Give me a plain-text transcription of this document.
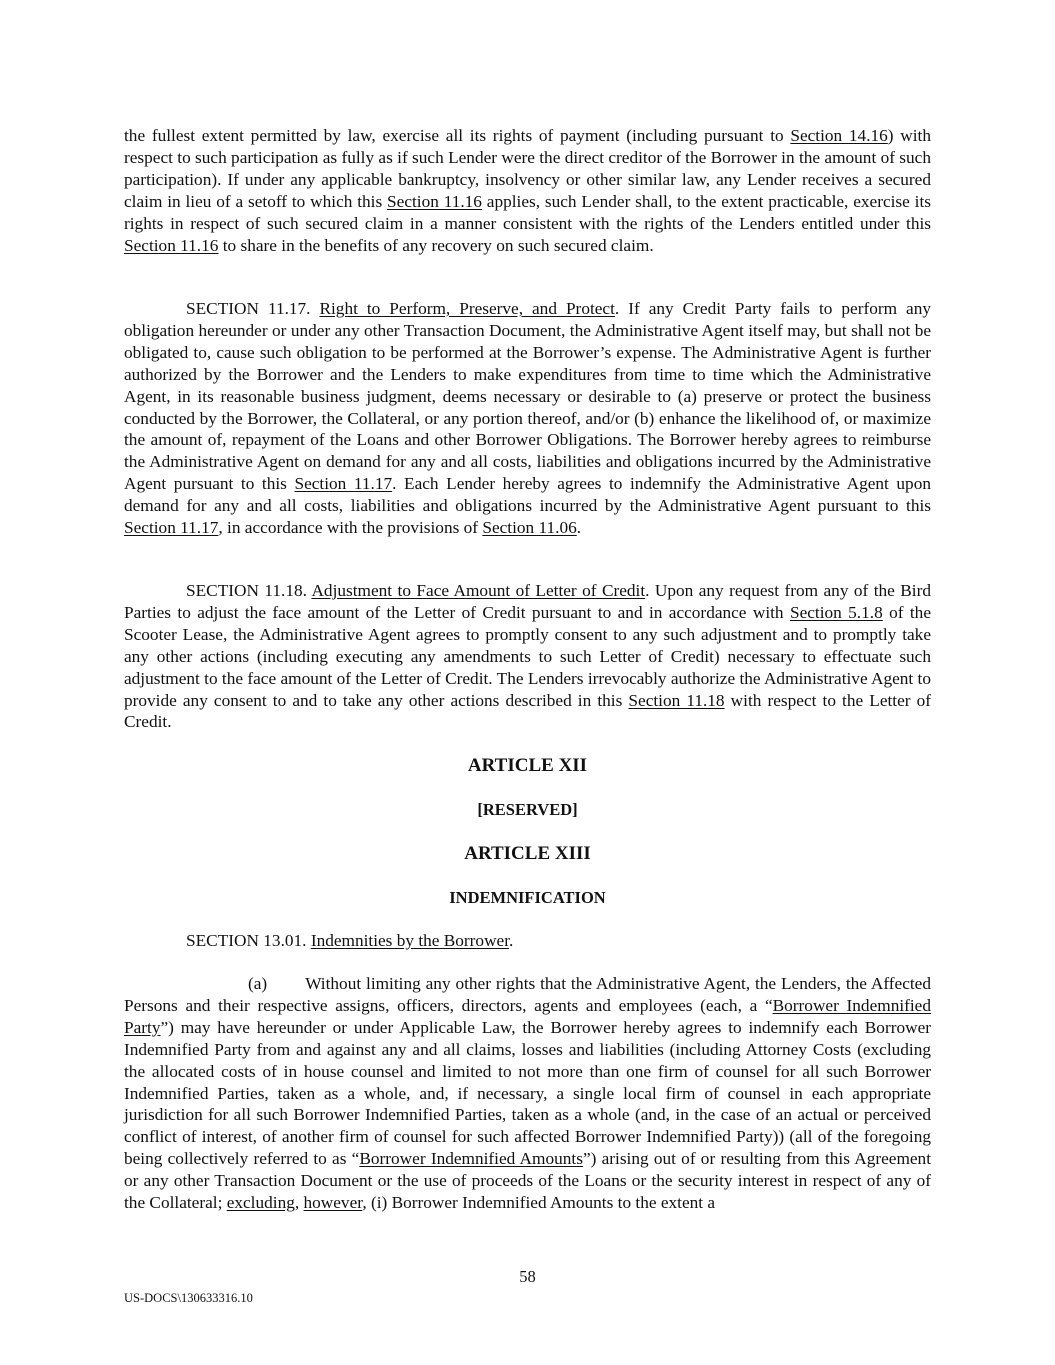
the fullest extent permitted by law, exercise all its rights of payment (including pursuant to Section 14.16) with respect to such participation as fully as if such Lender were the direct creditor of the Borrower in the amount of such participation). If under any applicable bankruptcy, insolvency or other similar law, any Lender receives a secured claim in lieu of a setoff to which this Section 11.16 applies, such Lender shall, to the extent practicable, exercise its rights in respect of such secured claim in a manner consistent with the rights of the Lenders entitled under this Section 11.16 to share in the benefits of any recovery on such secured claim.

SECTION 11.17. Right to Perform, Preserve, and Protect. If any Credit Party fails to perform any obligation hereunder or under any other Transaction Document, the Administrative Agent itself may, but shall not be obligated to, cause such obligation to be performed at the Borrower’s expense. The Administrative Agent is further authorized by the Borrower and the Lenders to make expenditures from time to time which the Administrative Agent, in its reasonable business judgment, deems necessary or desirable to (a) preserve or protect the business conducted by the Borrower, the Collateral, or any portion thereof, and/or (b) enhance the likelihood of, or maximize the amount of, repayment of the Loans and other Borrower Obligations. The Borrower hereby agrees to reimburse the Administrative Agent on demand for any and all costs, liabilities and obligations incurred by the Administrative Agent pursuant to this Section 11.17. Each Lender hereby agrees to indemnify the Administrative Agent upon demand for any and all costs, liabilities and obligations incurred by the Administrative Agent pursuant to this Section 11.17, in accordance with the provisions of Section 11.06.

SECTION 11.18. Adjustment to Face Amount of Letter of Credit. Upon any request from any of the Bird Parties to adjust the face amount of the Letter of Credit pursuant to and in accordance with Section 5.1.8 of the Scooter Lease, the Administrative Agent agrees to promptly consent to any such adjustment and to promptly take any other actions (including executing any amendments to such Letter of Credit) necessary to effectuate such adjustment to the face amount of the Letter of Credit. The Lenders irrevocably authorize the Administrative Agent to provide any consent to and to take any other actions described in this Section 11.18 with respect to the Letter of Credit.

ARTICLE XII

[RESERVED]

ARTICLE XIII

INDEMNIFICATION

SECTION 13.01. Indemnities by the Borrower.

(a) Without limiting any other rights that the Administrative Agent, the Lenders, the Affected Persons and their respective assigns, officers, directors, agents and employees (each, a “Borrower Indemnified Party”) may have hereunder or under Applicable Law, the Borrower hereby agrees to indemnify each Borrower Indemnified Party from and against any and all claims, losses and liabilities (including Attorney Costs (excluding the allocated costs of in house counsel and limited to not more than one firm of counsel for all such Borrower Indemnified Parties, taken as a whole, and, if necessary, a single local firm of counsel in each appropriate jurisdiction for all such Borrower Indemnified Parties, taken as a whole (and, in the case of an actual or perceived conflict of interest, of another firm of counsel for such affected Borrower Indemnified Party)) (all of the foregoing being collectively referred to as “Borrower Indemnified Amounts”) arising out of or resulting from this Agreement or any other Transaction Document or the use of proceeds of the Loans or the security interest in respect of any of the Collateral; excluding, however, (i) Borrower Indemnified Amounts to the extent a

58

US-DOCS\130633316.10
